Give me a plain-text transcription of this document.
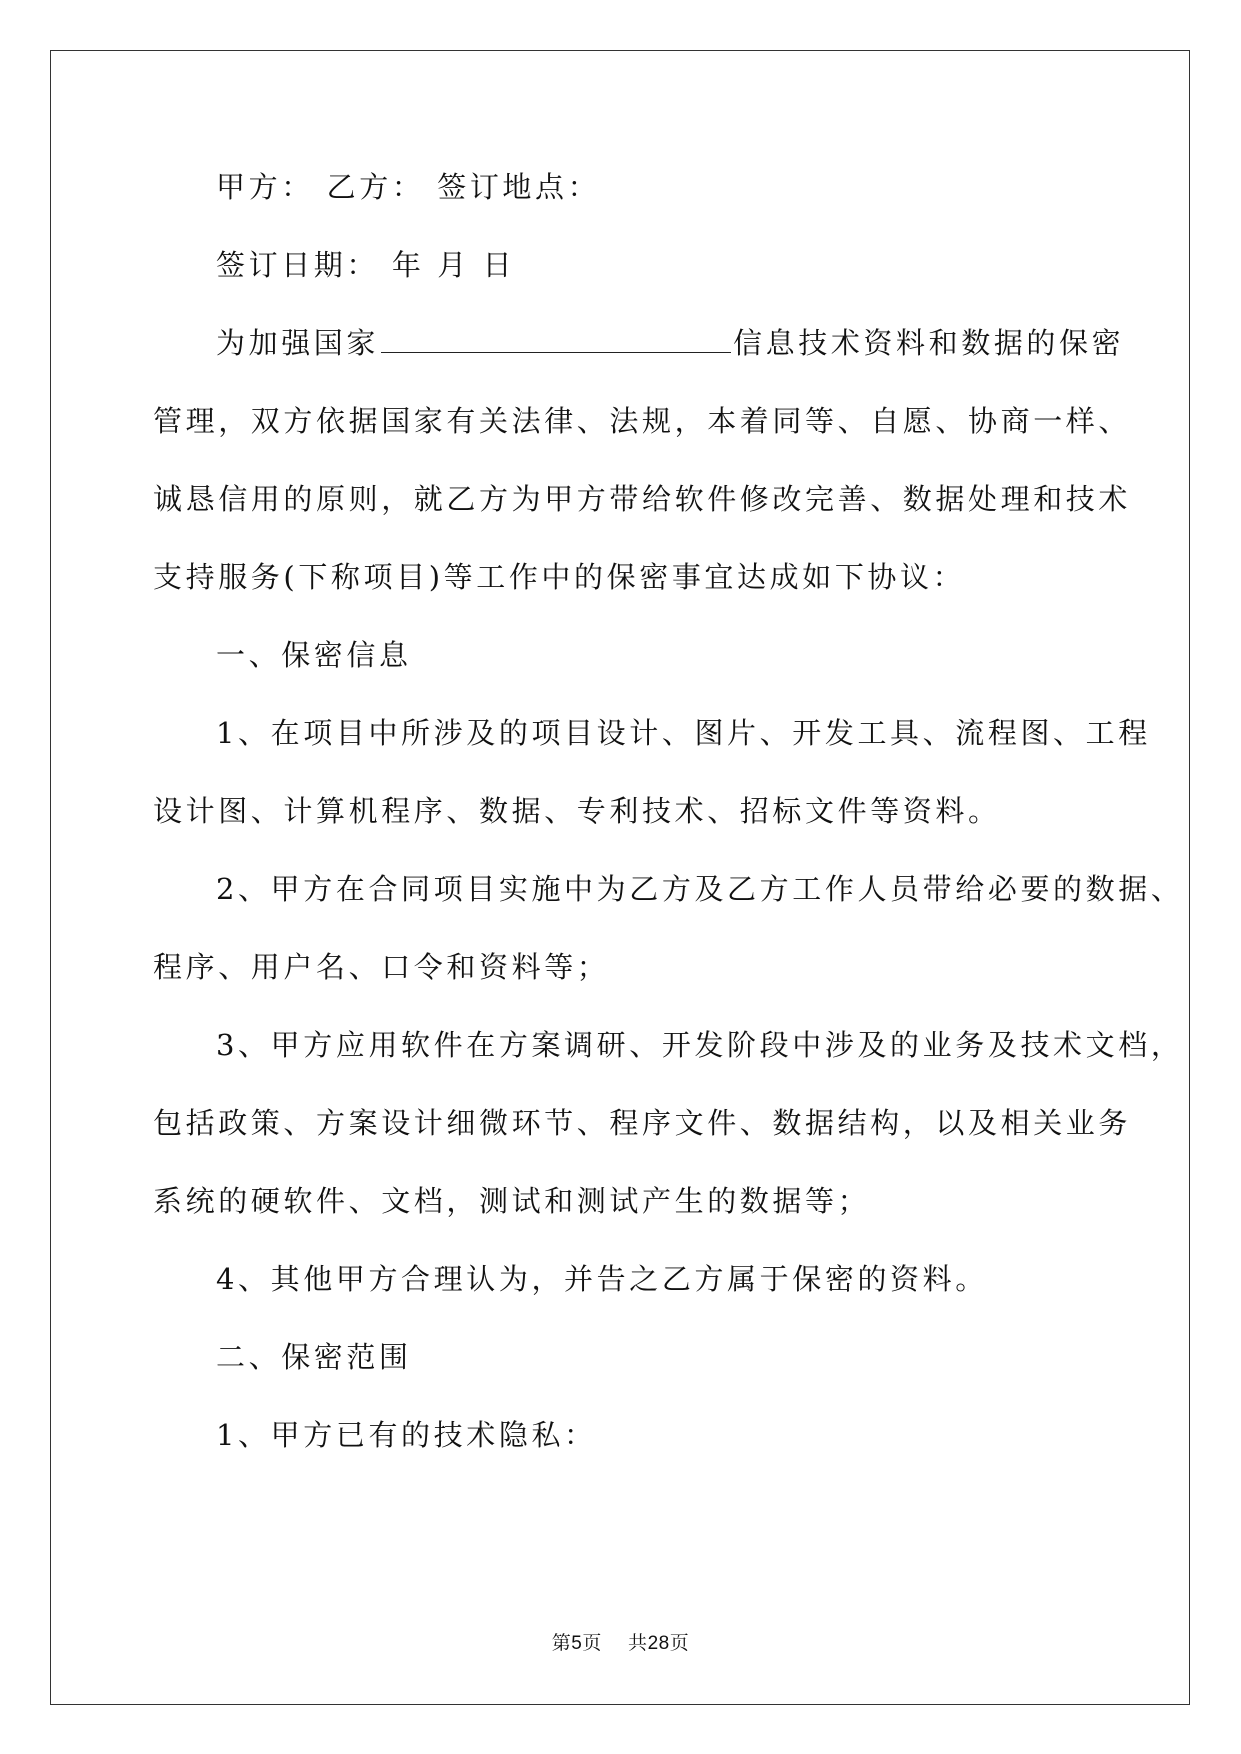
甲方： 乙方： 签订地点：
签订日期： 年 月 日
为加强国家	信息技术资料和数据的保密
管理，双方依据国家有关法律、法规，本着同等、自愿、协商一样、
诚恳信用的原则，就乙方为甲方带给软件修改完善、数据处理和技术
支持服务(下称项目)等工作中的保密事宜达成如下协议：
一、保密信息
1、在项目中所涉及的项目设计、图片、开发工具、流程图、工程
设计图、计算机程序、数据、专利技术、招标文件等资料。
2、甲方在合同项目实施中为乙方及乙方工作人员带给必要的数据、
程序、用户名、口令和资料等；
3、甲方应用软件在方案调研、开发阶段中涉及的业务及技术文档，
包括政策、方案设计细微环节、程序文件、数据结构，以及相关业务
系统的硬软件、文档，测试和测试产生的数据等；
4、其他甲方合理认为，并告之乙方属于保密的资料。
二、保密范围
1、甲方已有的技术隐私：
第5页 共28页
